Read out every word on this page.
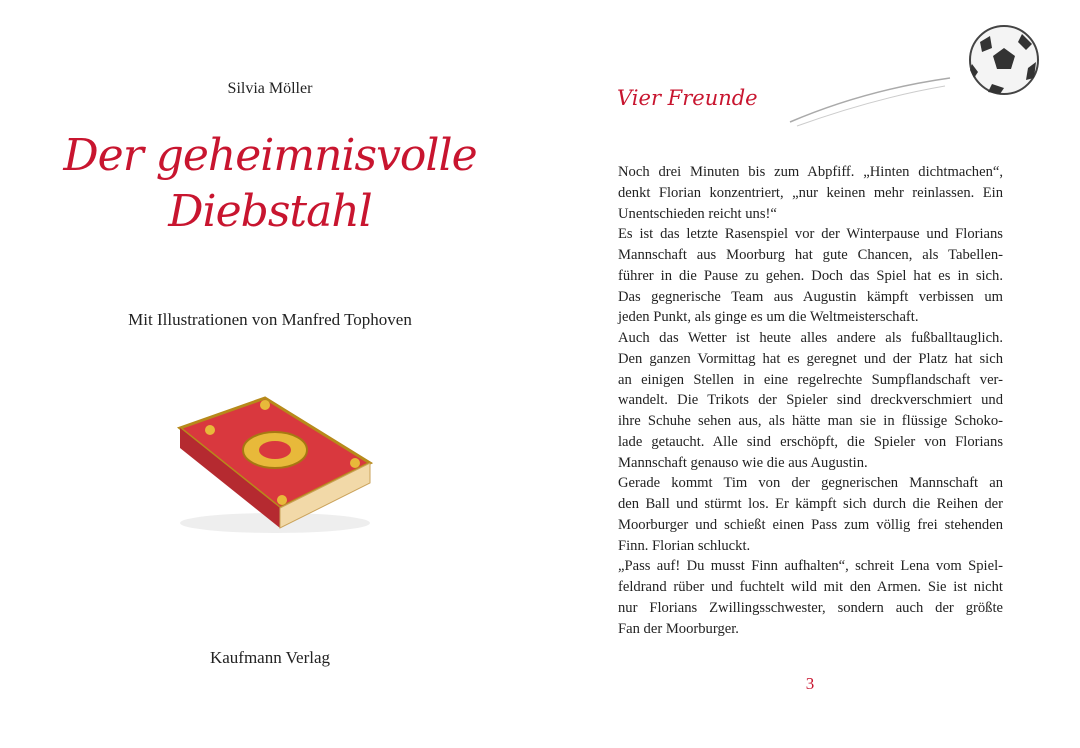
Silvia Möller
Der geheimnisvolle
Diebstahl
Mit Illustrationen von Manfred Tophoven
Kaufmann Verlag
Vier Freunde
Noch drei Minuten bis zum Abpfiff. „Hinten dichtmachen“,
denkt Florian konzentriert, „nur keinen mehr reinlassen. Ein
Unentschieden reicht uns!“
Es ist das letzte Rasenspiel vor der Winterpause und Florians
Mannschaft aus Moorburg hat gute Chancen, als Tabellen-
führer in die Pause zu gehen. Doch das Spiel hat es in sich.
Das gegnerische Team aus Augustin kämpft verbissen um
jeden Punkt, als ginge es um die Weltmeisterschaft.
Auch das Wetter ist heute alles andere als fußballtauglich.
Den ganzen Vormittag hat es geregnet und der Platz hat sich
an einigen Stellen in eine regelrechte Sumpflandschaft ver-
wandelt. Die Trikots der Spieler sind dreckverschmiert und
ihre Schuhe sehen aus, als hätte man sie in flüssige Schoko-
lade getaucht. Alle sind erschöpft, die Spieler von Florians
Mannschaft genauso wie die aus Augustin.
Gerade kommt Tim von der gegnerischen Mannschaft an
den Ball und stürmt los. Er kämpft sich durch die Reihen der
Moorburger und schießt einen Pass zum völlig frei stehenden
Finn. Florian schluckt.
„Pass auf! Du musst Finn aufhalten“, schreit Lena vom Spiel-
feldrand rüber und fuchtelt wild mit den Armen. Sie ist nicht
nur Florians Zwillingsschwester, sondern auch der größte
Fan der Moorburger.
3
